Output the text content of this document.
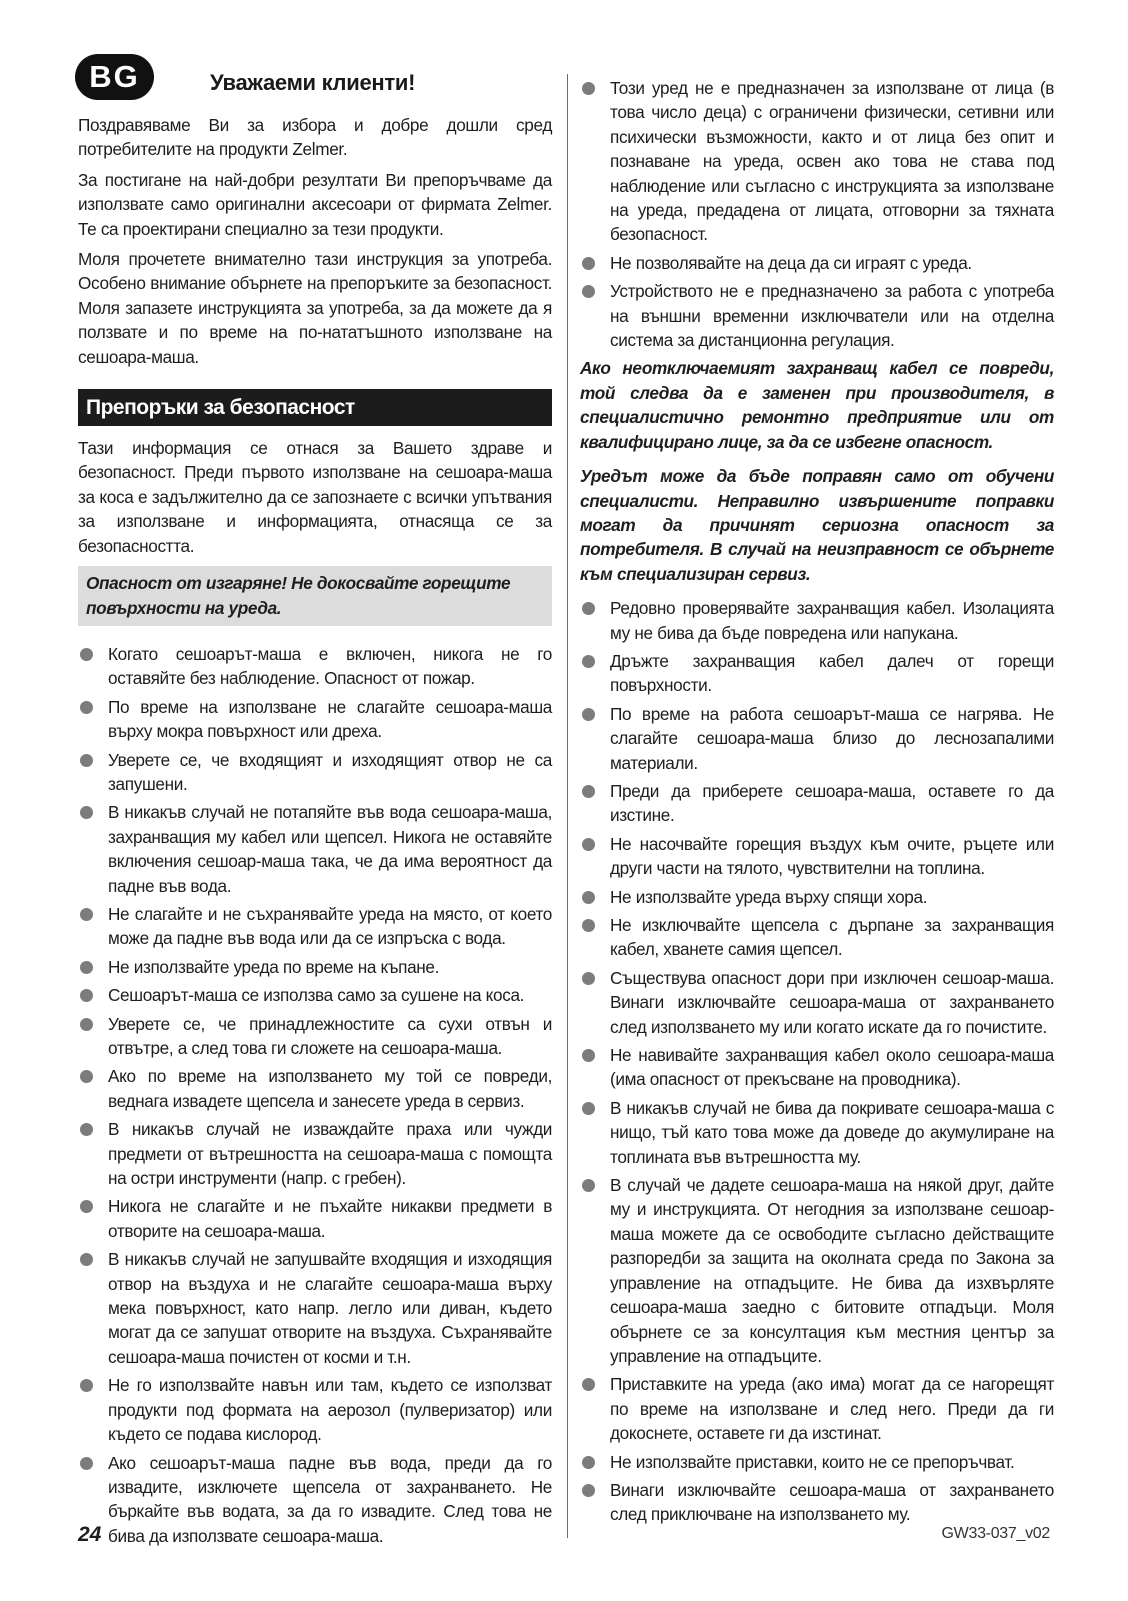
BG	Уважаеми клиенти!

Поздравяваме Ви за избора и добре дошли сред потребителите на продукти Zelmer.

За постигане на най-добри резултати Ви препоръчваме да използвате само оригинални аксесоари от фирмата Zelmer. Те са проектирани специално за тези продукти.

Моля прочетете внимателно тази инструкция за употреба. Особено внимание обърнете на препоръките за безопасност. Моля запазете инструкцията за употреба, за да можете да я ползвате и по време на по-нататъшното използване на сешоара-маша.

Препоръки за безопасност

Тази информация се отнася за Вашето здраве и безопасност. Преди първото използване на сешоара-маша за коса е задължително да се запознаете с всички упътвания за използване и информацията, отнасяща се за безопасността.

Опасност от изгаряне! Не докосвайте горещите повърхности на уреда.
Когато сешоарът-маша е включен, никога не го оставяйте без наблюдение. Опасност от пожар.
По време на използване не слагайте сешоара-маша върху мокра повърхност или дреха.
Уверете се, че входящият и изходящият отвор не са запушени.
В никакъв случай не потапяйте във вода сешоара-маша, захранващия му кабел или щепсел. Никога не оставяйте включения сешоар-маша така, че да има вероятност да падне във вода.
Не слагайте и не съхранявайте уреда на място, от което може да падне във вода или да се изпръска с вода.
Не използвайте уреда по време на къпане.
Сешоарът-маша се използва само за сушене на коса.
Уверете се, че принадлежностите са сухи отвън и отвътре, а след това ги сложете на сешоара-маша.
Ако по време на използването му той се повреди, веднага извадете щепсела и занесете уреда в сервиз.
В никакъв случай не изваждайте праха или чужди предмети от вътрешността на сешоара-маша с помощта на остри инструменти (напр. с гребен).
Никога не слагайте и не пъхайте никакви предмети в отворите на сешоара-маша.
В никакъв случай не запушвайте входящия и изходящия отвор на въздуха и не слагайте сешоара-маша върху мека повърхност, като напр. легло или диван, където могат да се запушат отворите на въздуха. Съхранявайте сешоара-маша почистен от косми и т.н.
Не го използвайте навън или там, където се използват продукти под формата на аерозол (пулверизатор) или където се подава кислород.
Ако сешоарът-маша падне във вода, преди да го извадите, изключете щепсела от захранването. Не бъркайте във водата, за да го извадите. След това не бива да използвате сешоара-маша.
Този уред не е предназначен за използване от лица (в това число деца) с ограничени физически, сетивни или психически възможности, както и от лица без опит и познаване на уреда, освен ако това не става под наблюдение или съгласно с инструкцията за използване на уреда, предадена от лицата, отговорни за тяхната безопасност.
Не позволявайте на деца да си играят с уреда.
Устройството не е предназначено за работа с употреба на външни временни изключватели или на отделна система за дистанционна регулация.

Ако неотключаемият захранващ кабел се повреди, той следва да е заменен при производителя, в специалистично ремонтно предприятие или от квалифицирано лице, за да се избегне опасност.

Уредът може да бъде поправян само от обучени специалисти. Неправилно извършените поправки могат да причинят сериозна опасност за потребителя. В случай на неизправност се обърнете към специализиран сервиз.

Редовно проверявайте захранващия кабел. Изолацията му не бива да бъде повредена или напукана.
Дръжте захранващия кабел далеч от горещи повърхности.
По време на работа сешоарът-маша се нагрява. Не слагайте сешоара-маша близо до леснозапалими материали.
Преди да приберете сешоара-маша, оставете го да изстине.
Не насочвайте горещия въздух към очите, ръцете или други части на тялото, чувствителни на топлина.
Не използвайте уреда върху спящи хора.
Не изключвайте щепсела с дърпане за захранващия кабел, хванете самия щепсел.
Съществува опасност дори при изключен сешоар-маша. Винаги изключвайте сешоара-маша от захранването след използването му или когато искате да го почистите.
Не навивайте захранващия кабел около сешоара-маша (има опасност от прекъсване на проводника).
В никакъв случай не бива да покривате сешоара-маша с нищо, тъй като това може да доведе до акумулиране на топлината във вътрешността му.
В случай че дадете сешоара-маша на някой друг, дайте му и инструкцията. От негодния за използване сешоар-маша можете да се освободите съгласно действащите разпоредби за защита на околната среда по Закона за управление на отпадъците. Не бива да изхвърляте сешоара-маша заедно с битовите отпадъци. Моля обърнете се за консултация към местния център за управление на отпадъците.
Приставките на уреда (ако има) могат да се нагорещят по време на използване и след него. Преди да ги докоснете, оставете ги да изстинат.
Не използвайте приставки, които не се препоръчват.
Винаги изключвайте сешоара-маша от захранването след приключване на използването му.
24	GW33-037_v02
